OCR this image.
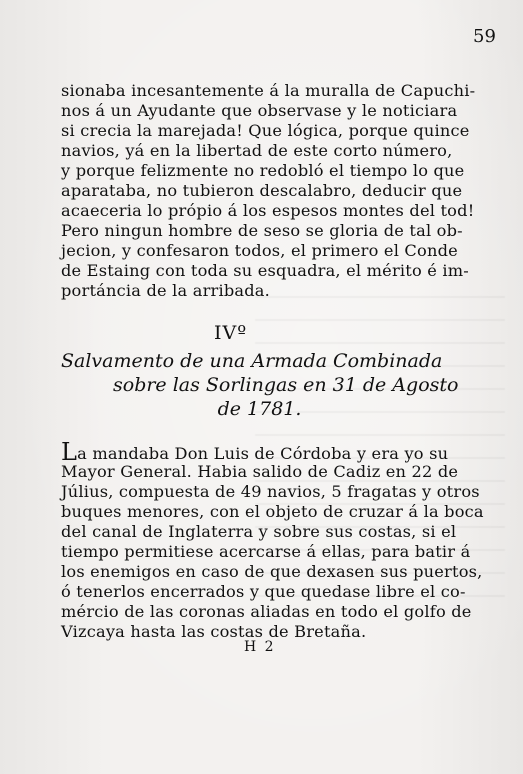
59
sionaba incesantemente á la muralla de Capuchi-
nos á un Ayudante que observase y le noticiara
si crecia la marejada! Que lógica, porque quince
navios, yá en la libertad de este corto número,
y porque felizmente no redobló el tiempo lo que
aparataba, no tubieron descalabro, deducir que
acaeceria lo própio á los espesos montes del tod!
Pero ningun hombre de seso se gloria de tal ob-
jecion, y confesaron todos, el primero el Conde
de Estaing con toda su esquadra, el mérito é im-
portáncia de la arribada.
IVº
Salvamento de una Armada Combinada
sobre las Sorlingas en 31 de Agosto
de 1781.
La mandaba Don Luis de Córdoba y era yo su
Mayor General. Habia salido de Cadiz en 22 de
Július, compuesta de 49 navios, 5 fragatas y otros
buques menores, con el objeto de cruzar á la boca
del canal de Inglaterra y sobre sus costas, si el
tiempo permitiese acercarse á ellas, para batir á
los enemigos en caso de que dexasen sus puertos,
ó tenerlos encerrados y que quedase libre el co-
mércio de las coronas aliadas en todo el golfo de
Vizcaya hasta las costas de Bretaña.
H 2
